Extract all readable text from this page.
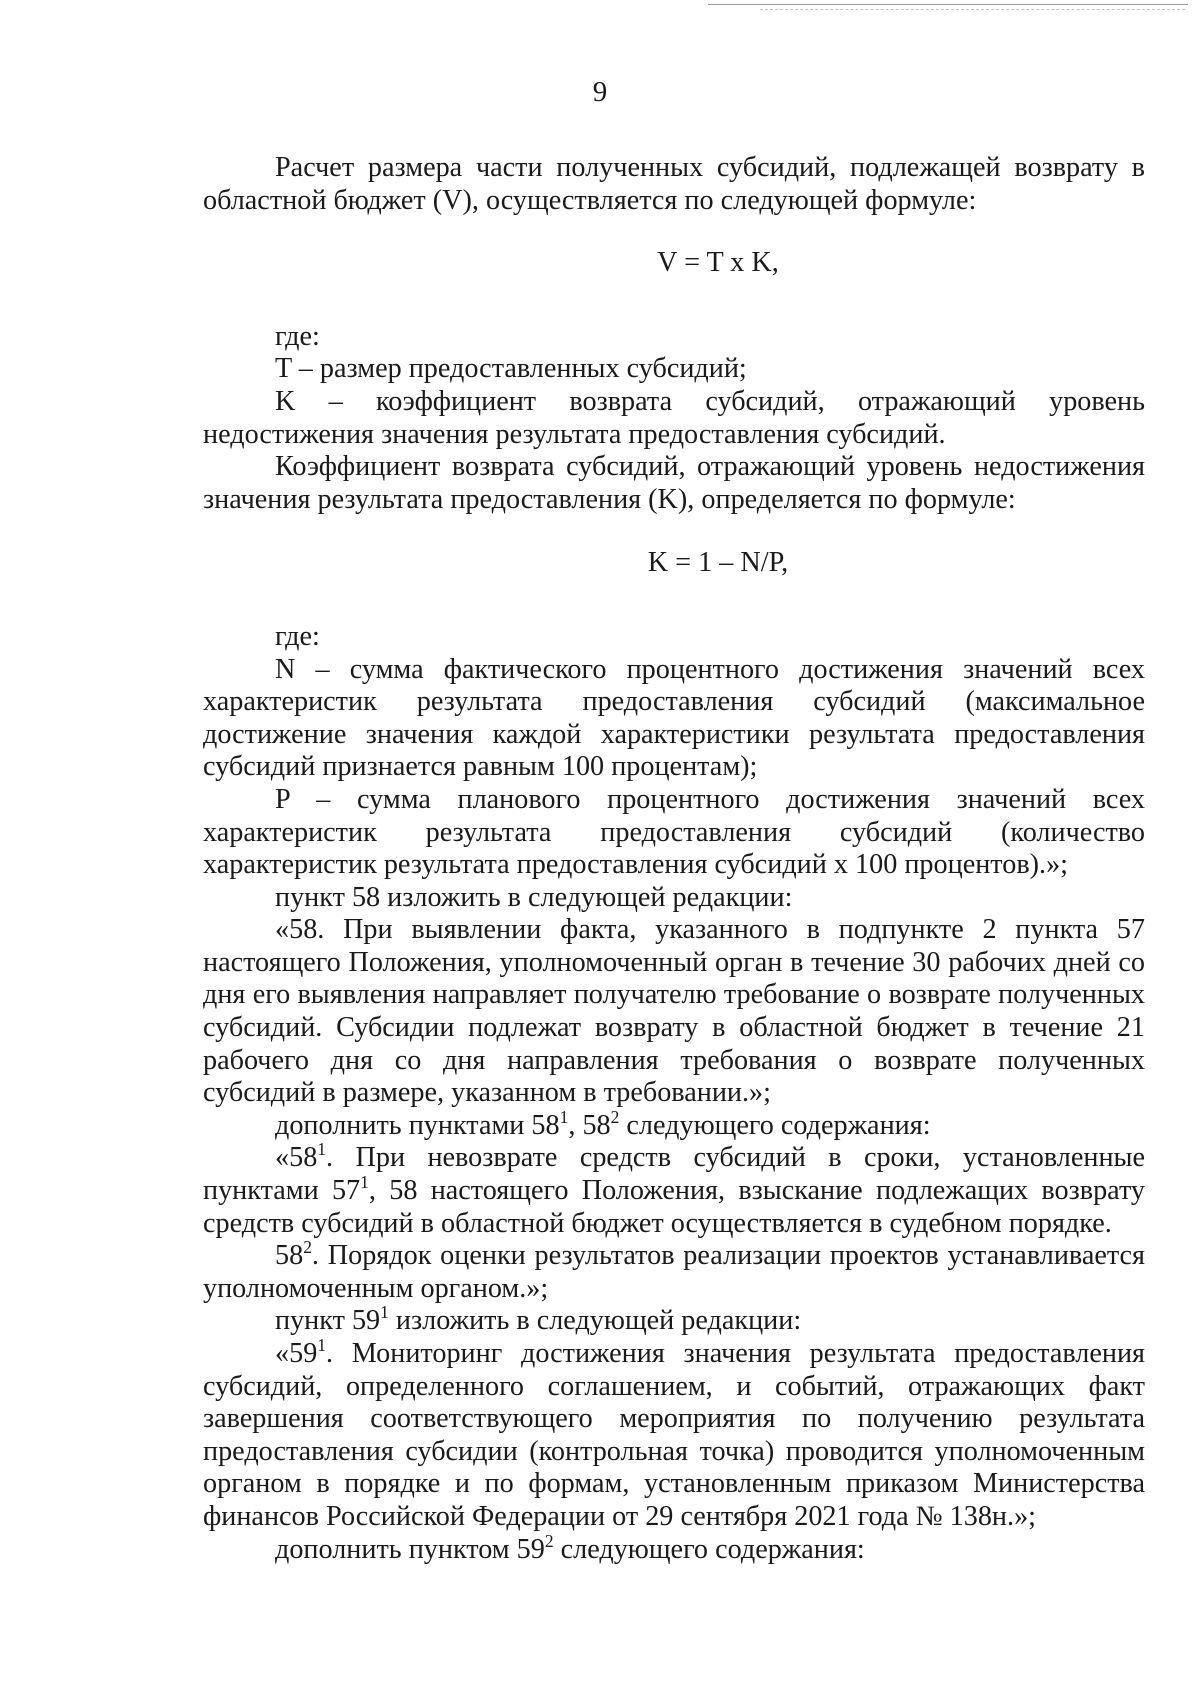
9

Расчет размера части полученных субсидий, подлежащей возврату в областной бюджет (V), осуществляется по следующей формуле:

V = T x K,

где:

T – размер предоставленных субсидий;

K – коэффициент возврата субсидий, отражающий уровень недостижения значения результата предоставления субсидий.

Коэффициент возврата субсидий, отражающий уровень недостижения значения результата предоставления (K), определяется по формуле:

K = 1 – N/P,

где:

N – сумма фактического процентного достижения значений всех характеристик результата предоставления субсидий (максимальное достижение значения каждой характеристики результата предоставления субсидий признается равным 100 процентам);

P – сумма планового процентного достижения значений всех характеристик результата предоставления субсидий (количество характеристик результата предоставления субсидий x 100 процентов).»;

пункт 58 изложить в следующей редакции:

«58. При выявлении факта, указанного в подпункте 2 пункта 57 настоящего Положения, уполномоченный орган в течение 30 рабочих дней со дня его выявления направляет получателю требование о возврате полученных субсидий. Субсидии подлежат возврату в областной бюджет в течение 21 рабочего дня со дня направления требования о возврате полученных субсидий в размере, указанном в требовании.»;

дополнить пунктами $58^1$, $58^2$ следующего содержания:

«$58^1$. При невозврате средств субсидий в сроки, установленные пунктами $57^1$, 58 настоящего Положения, взыскание подлежащих возврату средств субсидий в областной бюджет осуществляется в судебном порядке.

$58^2$. Порядок оценки результатов реализации проектов устанавливается уполномоченным органом.»;

пункт $59^1$ изложить в следующей редакции:

«$59^1$. Мониторинг достижения значения результата предоставления субсидий, определенного соглашением, и событий, отражающих факт завершения соответствующего мероприятия по получению результата предоставления субсидии (контрольная точка) проводится уполномоченным органом в порядке и по формам, установленным приказом Министерства финансов Российской Федерации от 29 сентября 2021 года № 138н.»;

дополнить пунктом $59^2$ следующего содержания:
